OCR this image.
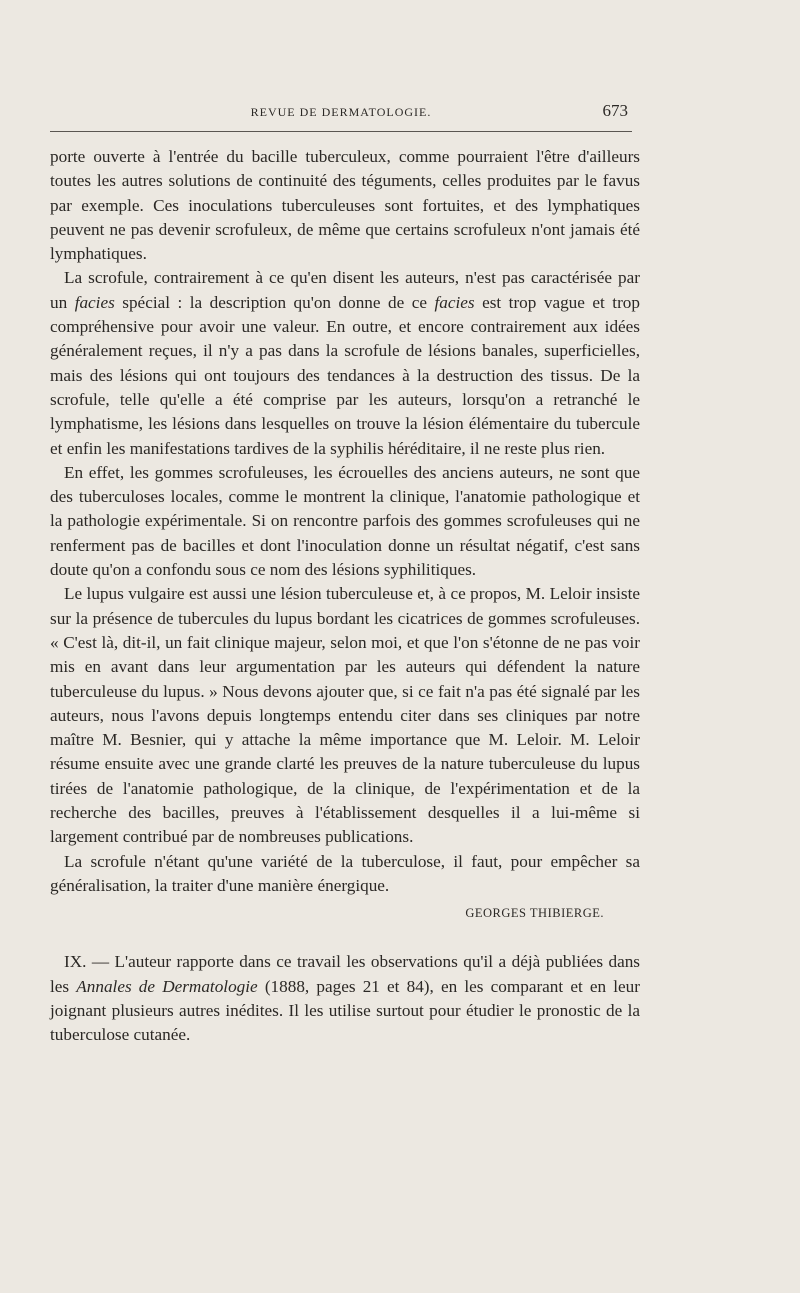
REVUE DE DERMATOLOGIE.	673

porte ouverte à l'entrée du bacille tuberculeux, comme pourraient l'être d'ailleurs toutes les autres solutions de continuité des téguments, celles produites par le favus par exemple. Ces inoculations tuberculeuses sont fortuites, et des lymphatiques peuvent ne pas devenir scrofuleux, de même que certains scrofuleux n'ont jamais été lymphatiques.

La scrofule, contrairement à ce qu'en disent les auteurs, n'est pas caractérisée par un facies spécial : la description qu'on donne de ce facies est trop vague et trop compréhensive pour avoir une valeur. En outre, et encore contrairement aux idées généralement reçues, il n'y a pas dans la scrofule de lésions banales, superficielles, mais des lésions qui ont toujours des tendances à la destruction des tissus. De la scrofule, telle qu'elle a été comprise par les auteurs, lorsqu'on a retranché le lymphatisme, les lésions dans lesquelles on trouve la lésion élémentaire du tubercule et enfin les manifestations tardives de la syphilis héréditaire, il ne reste plus rien.

En effet, les gommes scrofuleuses, les écrouelles des anciens auteurs, ne sont que des tuberculoses locales, comme le montrent la clinique, l'anatomie pathologique et la pathologie expérimentale. Si on rencontre parfois des gommes scrofuleuses qui ne renferment pas de bacilles et dont l'inoculation donne un résultat négatif, c'est sans doute qu'on a confondu sous ce nom des lésions syphilitiques.

Le lupus vulgaire est aussi une lésion tuberculeuse et, à ce propos, M. Leloir insiste sur la présence de tubercules du lupus bordant les cicatrices de gommes scrofuleuses. « C'est là, dit-il, un fait clinique majeur, selon moi, et que l'on s'étonne de ne pas voir mis en avant dans leur argumentation par les auteurs qui défendent la nature tuberculeuse du lupus. » Nous devons ajouter que, si ce fait n'a pas été signalé par les auteurs, nous l'avons depuis longtemps entendu citer dans ses cliniques par notre maître M. Besnier, qui y attache la même importance que M. Leloir. M. Leloir résume ensuite avec une grande clarté les preuves de la nature tuberculeuse du lupus tirées de l'anatomie pathologique, de la clinique, de l'expérimentation et de la recherche des bacilles, preuves à l'établissement desquelles il a lui-même si largement contribué par de nombreuses publications.

La scrofule n'étant qu'une variété de la tuberculose, il faut, pour empêcher sa généralisation, la traiter d'une manière énergique.

GEORGES THIBIERGE.

IX. — L'auteur rapporte dans ce travail les observations qu'il a déjà publiées dans les Annales de Dermatologie (1888, pages 21 et 84), en les comparant et en leur joignant plusieurs autres inédites. Il les utilise surtout pour étudier le pronostic de la tuberculose cutanée.
